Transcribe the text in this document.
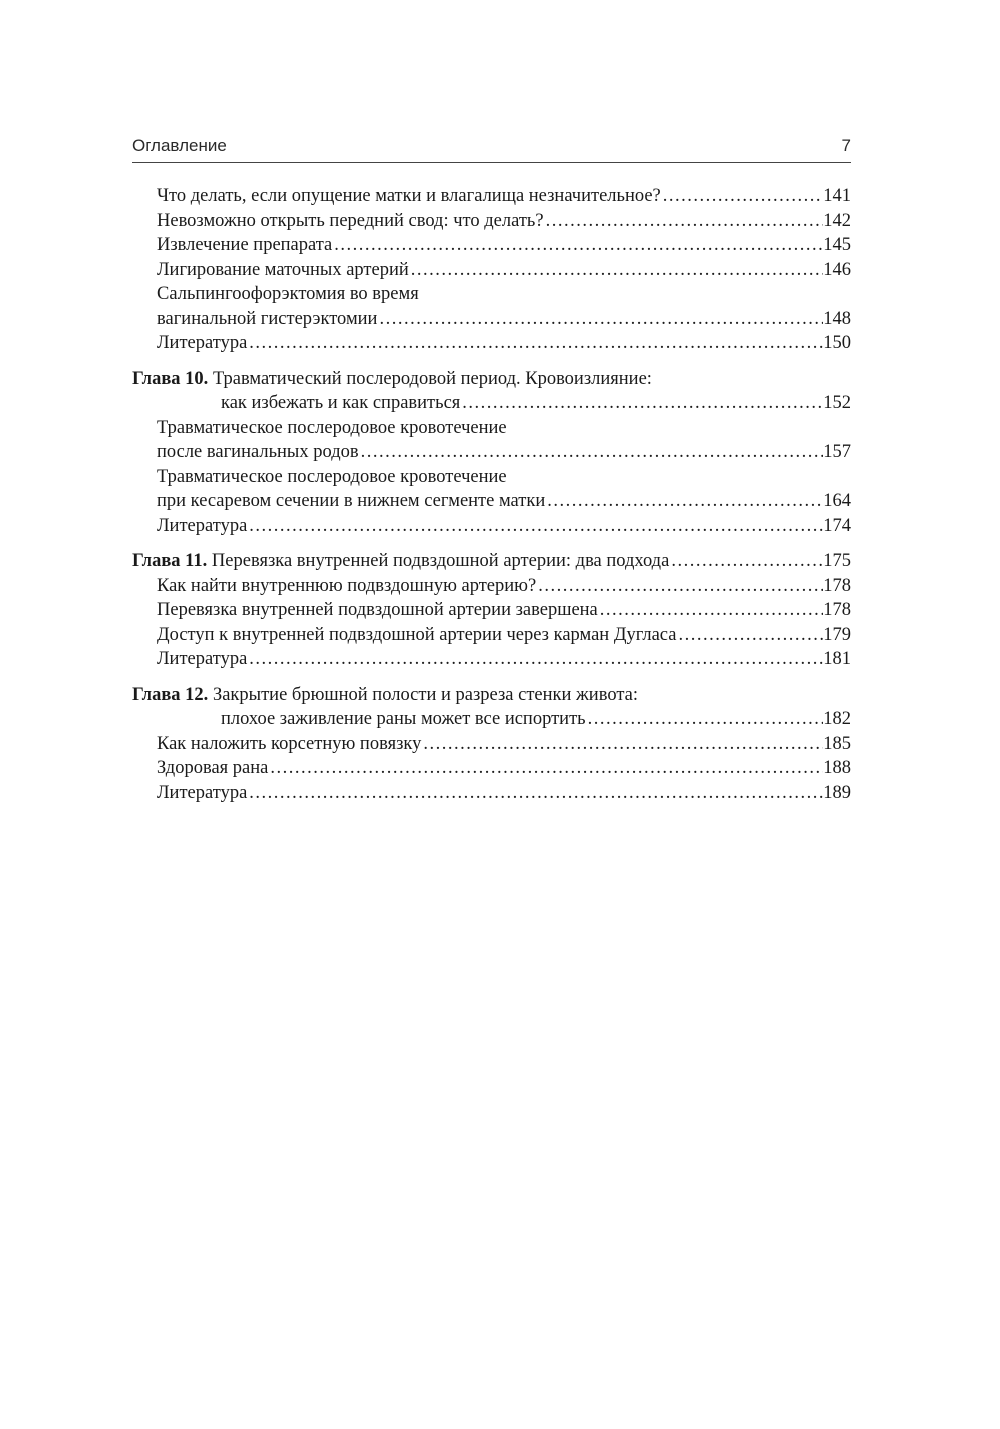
Оглавление	7
Что делать, если опущение матки и влагалища незначительное? .....	141
Невозможно открыть передний свод: что делать? .....	142
Извлечение препарата .....	145
Лигирование маточных артерий .....	146
Сальпингоофорэктомия во время
вагинальной гистерэктомии .....	148
Литература .....	150
Глава 10. Травматический послеродовой период. Кровоизлияние:
как избежать и как справиться .....	152
Травматическое послеродовое кровотечение
после вагинальных родов .....	157
Травматическое послеродовое кровотечение
при кесаревом сечении в нижнем сегменте матки .....	164
Литература .....	174
Глава 11. Перевязка внутренней подвздошной артерии: два подхода .....	175
Как найти внутреннюю подвздошную артерию? .....	178
Перевязка внутренней подвздошной артерии завершена .....	178
Доступ к внутренней подвздошной артерии через карман Дугласа .....	179
Литература .....	181
Глава 12. Закрытие брюшной полости и разреза стенки живота:
плохое заживление раны может все испортить .....	182
Как наложить корсетную повязку .....	185
Здоровая рана .....	188
Литература .....	189
